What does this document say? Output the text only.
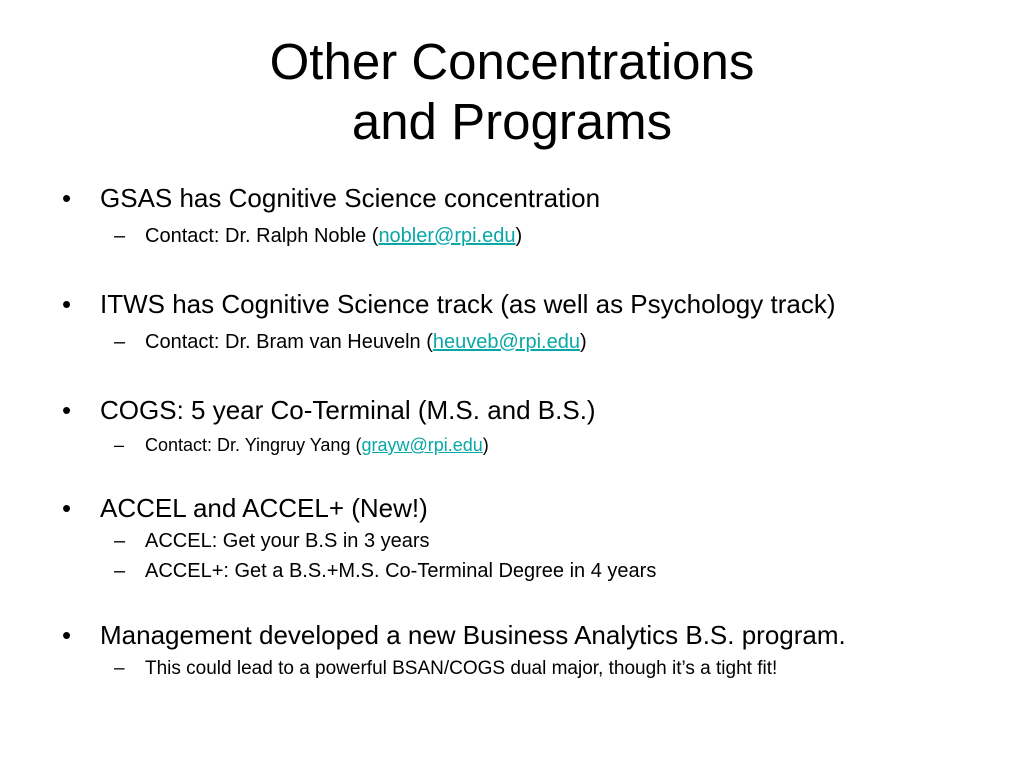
Other Concentrations
and Programs
• GSAS has Cognitive Science concentration
– Contact: Dr. Ralph Noble (nobler@rpi.edu)
• ITWS has Cognitive Science track (as well as Psychology track)
– Contact: Dr. Bram van Heuveln (heuveb@rpi.edu)
• COGS: 5 year Co-Terminal (M.S. and B.S.)
– Contact: Dr. Yingruy Yang (grayw@rpi.edu)
• ACCEL and ACCEL+ (New!)
– ACCEL: Get your B.S in 3 years
– ACCEL+: Get a B.S.+M.S. Co-Terminal Degree in 4 years
• Management developed a new Business Analytics B.S. program.
– This could lead to a powerful BSAN/COGS dual major, though it’s a tight fit!
